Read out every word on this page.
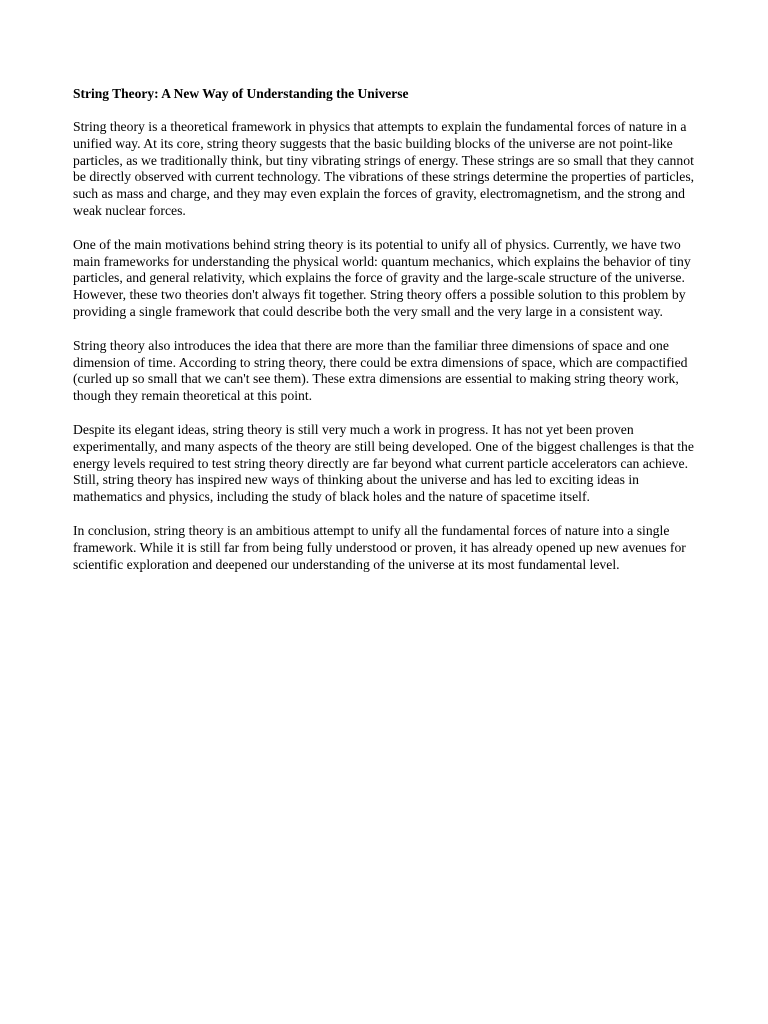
String Theory: A New Way of Understanding the Universe

String theory is a theoretical framework in physics that attempts to explain the fundamental forces of nature in a unified way. At its core, string theory suggests that the basic building blocks of the universe are not point-like particles, as we traditionally think, but tiny vibrating strings of energy. These strings are so small that they cannot be directly observed with current technology. The vibrations of these strings determine the properties of particles, such as mass and charge, and they may even explain the forces of gravity, electromagnetism, and the strong and weak nuclear forces.

One of the main motivations behind string theory is its potential to unify all of physics. Currently, we have two main frameworks for understanding the physical world: quantum mechanics, which explains the behavior of tiny particles, and general relativity, which explains the force of gravity and the large-scale structure of the universe. However, these two theories don't always fit together. String theory offers a possible solution to this problem by providing a single framework that could describe both the very small and the very large in a consistent way.

String theory also introduces the idea that there are more than the familiar three dimensions of space and one dimension of time. According to string theory, there could be extra dimensions of space, which are compactified (curled up so small that we can't see them). These extra dimensions are essential to making string theory work, though they remain theoretical at this point.

Despite its elegant ideas, string theory is still very much a work in progress. It has not yet been proven experimentally, and many aspects of the theory are still being developed. One of the biggest challenges is that the energy levels required to test string theory directly are far beyond what current particle accelerators can achieve. Still, string theory has inspired new ways of thinking about the universe and has led to exciting ideas in mathematics and physics, including the study of black holes and the nature of spacetime itself.

In conclusion, string theory is an ambitious attempt to unify all the fundamental forces of nature into a single framework. While it is still far from being fully understood or proven, it has already opened up new avenues for scientific exploration and deepened our understanding of the universe at its most fundamental level.
